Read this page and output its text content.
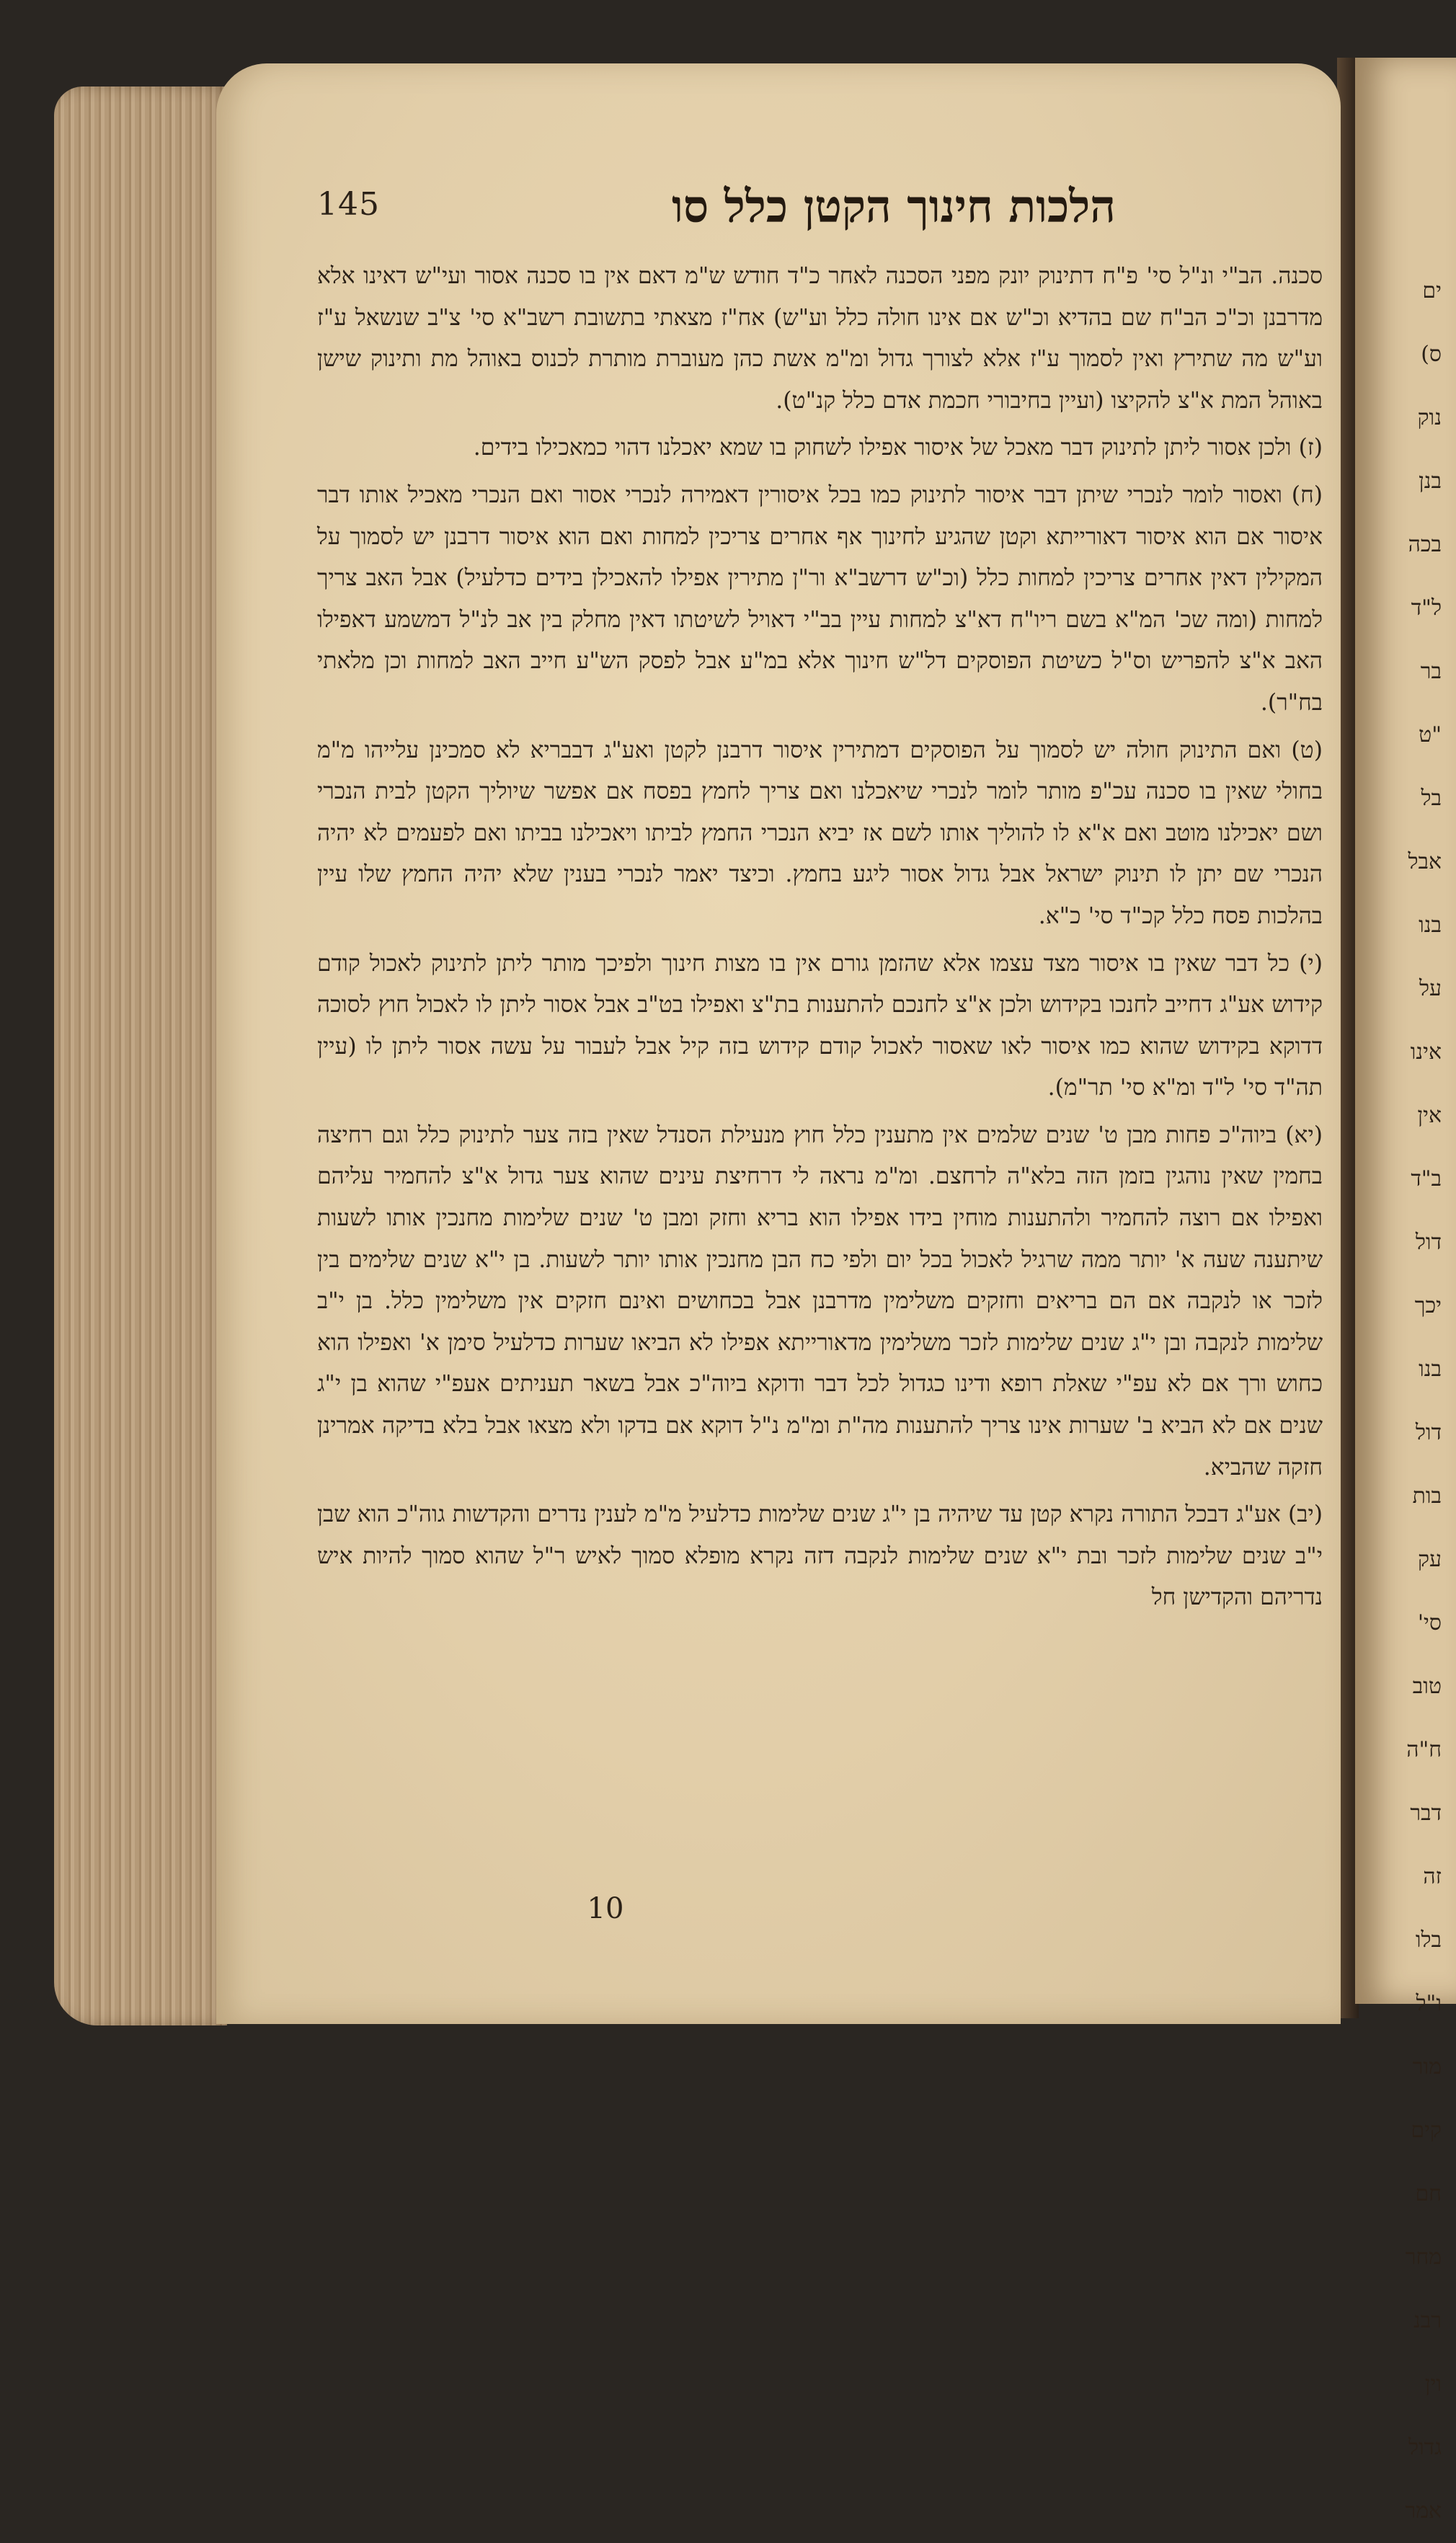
145	הלכות חינוך הקטן כלל סו

סכנה. הב"י ונ"ל סי' פ"ח דתינוק יונק מפני הסכנה לאחר כ"ד חודש ש"מ דאם אין בו סכנה אסור ועי"ש דאינו אלא מדרבנן וכ"כ הב"ח שם בהדיא וכ"ש אם אינו חולה כלל וע"ש) אח"ז מצאתי בתשובת רשב"א סי' צ"ב שנשאל ע"ז וע"ש מה שתירץ ואין לסמוך ע"ז אלא לצורך גדול ומ"מ אשת כהן מעוברת מותרת לכנוס באוהל מת ותינוק שישן באוהל המת א"צ להקיצו (ועיין בחיבורי חכמת אדם כלל קנ"ט).

(ז) ולכן אסור ליתן לתינוק דבר מאכל של איסור אפילו לשחוק בו שמא יאכלנו דהוי כמאכילו בידים.

(ח) ואסור לומר לנכרי שיתן דבר איסור לתינוק כמו בכל איסורין דאמירה לנכרי אסור ואם הנכרי מאכיל אותו דבר איסור אם הוא איסור דאורייתא וקטן שהגיע לחינוך אף אחרים צריכין למחות ואם הוא איסור דרבנן יש לסמוך על המקילין דאין אחרים צריכין למחות כלל (וכ"ש דרשב"א ור"ן מתירין אפילו להאכילן בידים כדלעיל) אבל האב צריך למחות (ומה שכ' המ"א בשם ריו"ח דא"צ למחות עיין בב"י דאויל לשיטתו דאין מחלק בין אב לנ"ל דמשמע דאפילו האב א"צ להפריש וס"ל כשיטת הפוסקים דל"ש חינוך אלא במ"ע אבל לפסק הש"ע חייב האב למחות וכן מלאתי בח"ר).

(ט) ואם התינוק חולה יש לסמוך על הפוסקים דמתירין איסור דרבנן לקטן ואע"ג דבבריא לא סמכינן עלייהו מ"מ בחולי שאין בו סכנה עכ"פ מותר לומר לנכרי שיאכלנו ואם צריך לחמץ בפסח אם אפשר שיוליך הקטן לבית הנכרי ושם יאכילנו מוטב ואם א"א לו להוליך אותו לשם אז יביא הנכרי החמץ לביתו ויאכילנו בביתו ואם לפעמים לא יהיה הנכרי שם יתן לו תינוק ישראל אבל גדול אסור ליגע בחמץ. וכיצד יאמר לנכרי בענין שלא יהיה החמץ שלו עיין בהלכות פסח כלל קכ"ד סי' כ"א.

(י) כל דבר שאין בו איסור מצד עצמו אלא שהזמן גורם אין בו מצות חינוך ולפיכך מותר ליתן לתינוק לאכול קודם קידוש אע"ג דחייב לחנכו בקידוש ולכן א"צ לחנכם להתענות בת"צ ואפילו בט"ב אבל אסור ליתן לו לאכול חוץ לסוכה דדוקא בקידוש שהוא כמו איסור לאו שאסור לאכול קודם קידוש בזה קיל אבל לעבור על עשה אסור ליתן לו (עיין תה"ד סי' ל"ד ומ"א סי' תר"מ).

(יא) ביוה"כ פחות מבן ט' שנים שלמים אין מתענין כלל חוץ מנעילת הסנדל שאין בזה צער לתינוק כלל וגם רחיצה בחמין שאין נוהגין בזמן הזה בלא"ה לרחצם. ומ"מ נראה לי דרחיצת עינים שהוא צער גדול א"צ להחמיר עליהם ואפילו אם רוצה להחמיר ולהתענות מוחין בידו אפילו הוא בריא וחזק ומבן ט' שנים שלימות מחנכין אותו לשעות שיתענה שעה א' יותר ממה שרגיל לאכול בכל יום ולפי כח הבן מחנכין אותו יותר לשעות. בן י"א שנים שלימים בין לזכר או לנקבה אם הם בריאים וחזקים משלימין מדרבנן אבל בכחושים ואינם חזקים אין משלימין כלל. בן י"ב שלימות לנקבה ובן י"ג שנים שלימות לזכר משלימין מדאורייתא אפילו לא הביאו שערות כדלעיל סימן א' ואפילו הוא כחוש ורך אם לא עפ"י שאלת רופא ודינו כגדול לכל דבר ודוקא ביוה"כ אבל בשאר תעניתים אעפ"י שהוא בן י"ג שנים אם לא הביא ב' שערות אינו צריך להתענות מה"ת ומ"מ נ"ל דוקא אם בדקו ולא מצאו אבל בלא בדיקה אמרינן חזקה שהביא.

(יב) אע"ג דבכל התורה נקרא קטן עד שיהיה בן י"ג שנים שלימות כדלעיל מ"מ לענין נדרים והקדשות גוה"כ הוא שבן י"ב שנים שלימות לזכר ובת י"א שנים שלימות לנקבה דזה נקרא מופלא סמוך לאיש ר"ל שהוא סמוך להיות איש נדריהם והקדישן חל

10
ים
ס)
נוק
בנן
בכה
ל"ד
בר
"ט
בל
אבל
בנו
על
אינו
אין
ב"ד
דול
יכך
בנו
דול
בות
עק
סי'
טוב
ח"ה
דבר
זה
בלו
ו"ל
מור
קים
חם
מחר
רבנ
וין
גדול
אמר
